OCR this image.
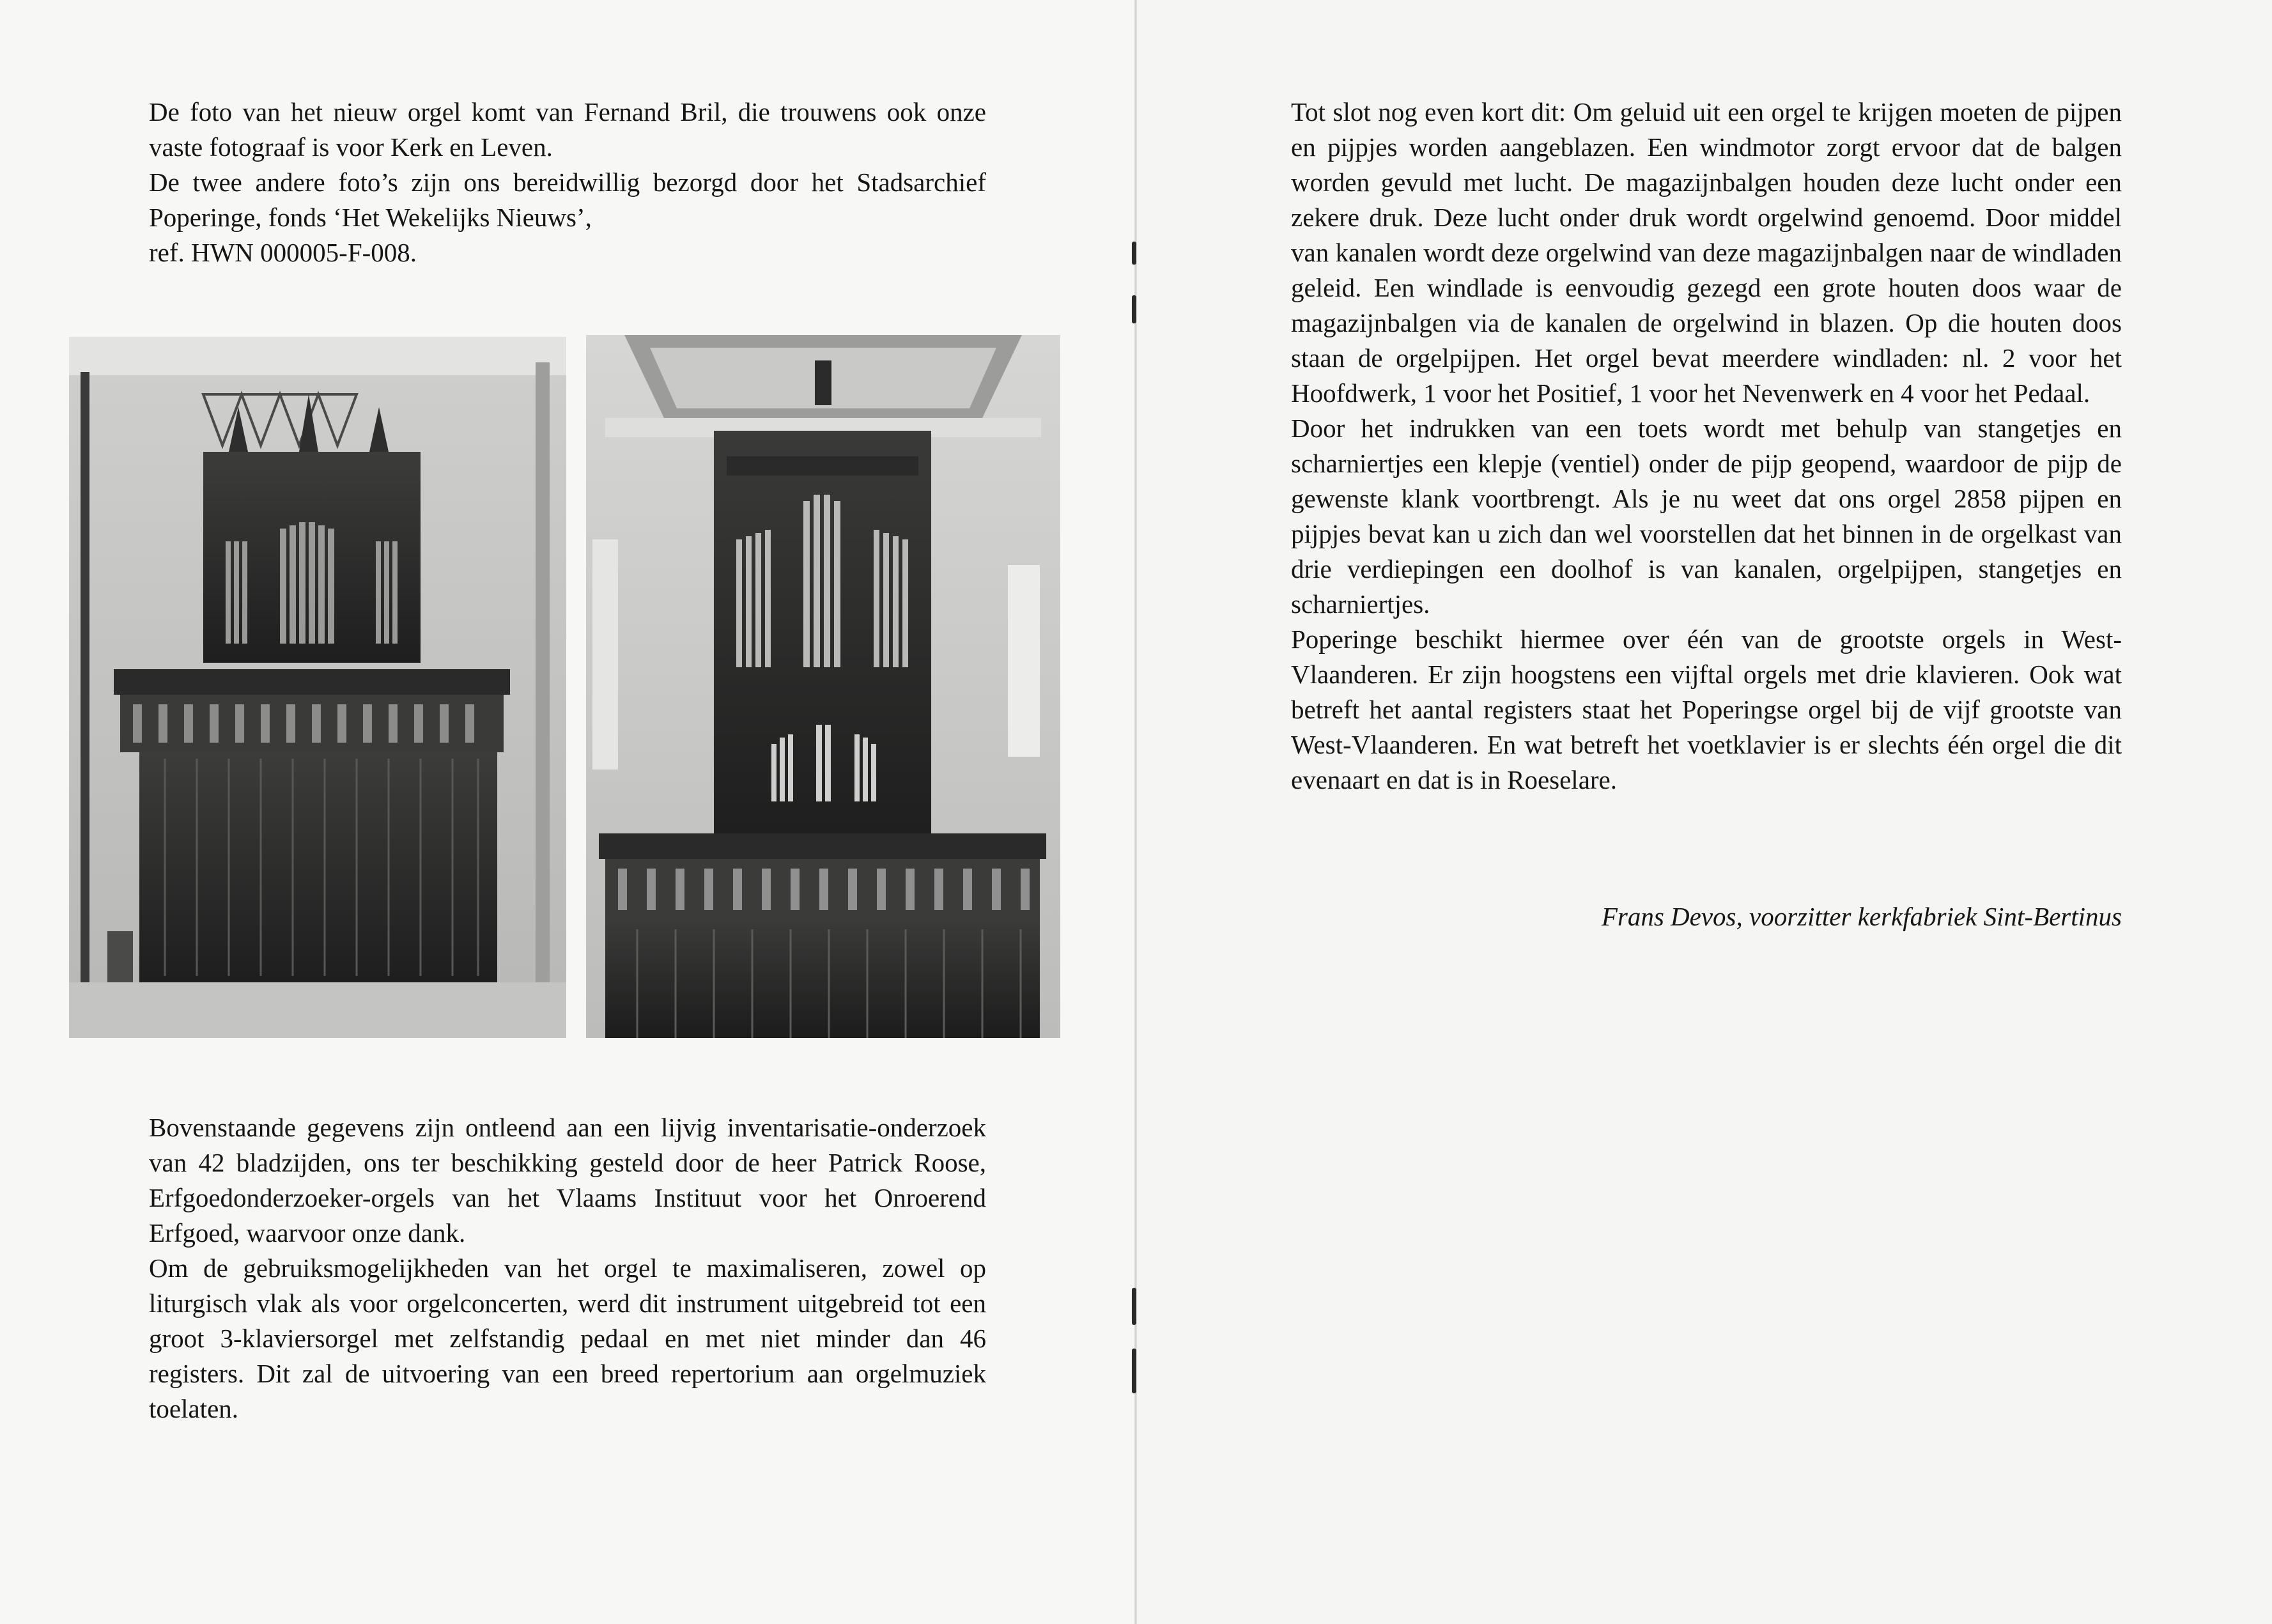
De foto van het nieuw orgel komt van Fernand Bril, die trouwens ook onze vaste fotograaf is voor Kerk en Leven.

De twee andere foto’s zijn ons bereidwillig bezorgd door het Stadsarchief Poperinge, fonds ‘Het Wekelijks Nieuws’,

ref. HWN 000005-F-008.

Bovenstaande gegevens zijn ontleend aan een lijvig inventarisatie-onderzoek van 42 bladzijden, ons ter beschikking gesteld door de heer Patrick Roose, Erfgoedonderzoeker-orgels van het Vlaams Instituut voor het Onroerend Erfgoed, waarvoor onze dank.

Om de gebruiksmogelijkheden van het orgel te maximaliseren, zowel op liturgisch vlak als voor orgelconcerten, werd dit instrument uitgebreid tot een groot 3-klaviersorgel met zelfstandig pedaal en met niet minder dan 46 registers. Dit zal de uitvoering van een breed repertorium aan orgelmuziek toelaten.

Tot slot nog even kort dit: Om geluid uit een orgel te krijgen moeten de pijpen en pijpjes worden aangeblazen. Een windmotor zorgt ervoor dat de balgen worden gevuld met lucht. De magazijnbalgen houden deze lucht onder een zekere druk. Deze lucht onder druk wordt orgelwind genoemd. Door middel van kanalen wordt deze orgelwind van deze magazijnbalgen naar de windladen geleid. Een windlade is eenvoudig gezegd een grote houten doos waar de magazijnbalgen via de kanalen de orgelwind in blazen. Op die houten doos staan de orgelpijpen. Het orgel bevat meerdere windladen: nl. 2 voor het Hoofdwerk, 1 voor het Positief, 1 voor het Nevenwerk en 4 voor het Pedaal.

Door het indrukken van een toets wordt met behulp van stangetjes en scharniertjes een klepje (ventiel) onder de pijp geopend, waardoor de pijp de gewenste klank voortbrengt. Als je nu weet dat ons orgel 2858 pijpen en pijpjes bevat kan u zich dan wel voorstellen dat het binnen in de orgelkast van drie verdiepingen een doolhof is van kanalen, orgelpijpen, stangetjes en scharniertjes.

Poperinge beschikt hiermee over één van de grootste orgels in West-Vlaanderen. Er zijn hoogstens een vijftal orgels met drie klavieren. Ook wat betreft het aantal registers staat het Poperingse orgel bij de vijf grootste van West-Vlaanderen. En wat betreft het voetklavier is er slechts één orgel die dit evenaart en dat is in Roeselare.

Frans Devos, voorzitter kerkfabriek Sint-Bertinus
